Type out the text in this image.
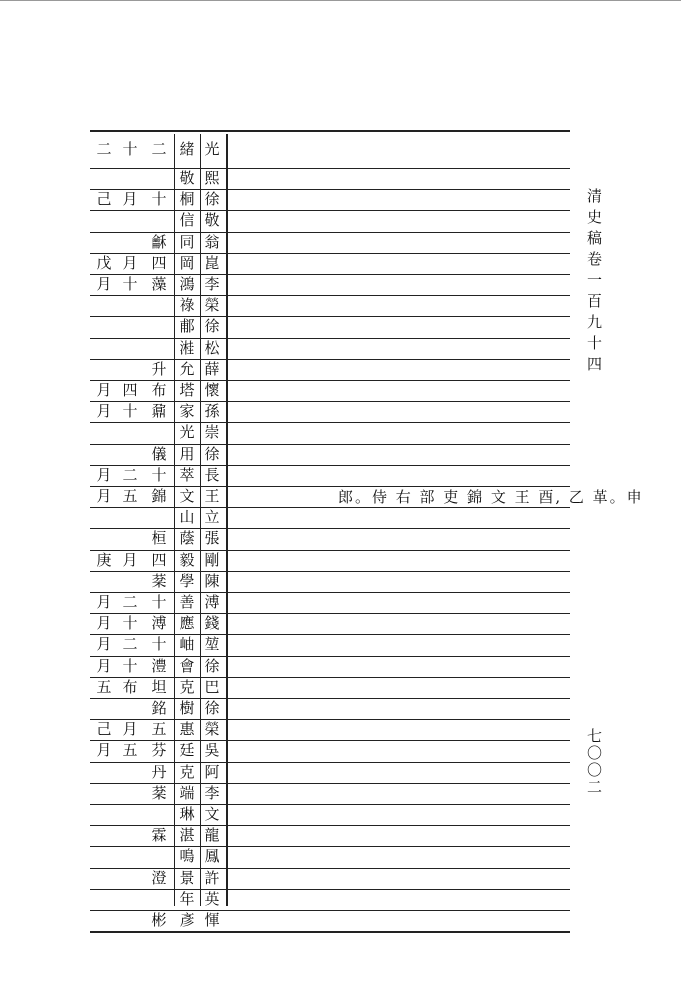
光
緒
二
十
二
熙
敬
徐
桐
十
月
己
敬
信
翁
同
龢
崑
岡
四
月
戊
李
鴻
藻
十
月
榮
祿
徐
郙
松
溎
薛
允
升
懷
塔
布
四
月
孫
家
鼐
十
月
崇
光
徐
用
儀
長
萃
十
二
月
王
文
錦
五
月	郎。侍 右 部 吏 錦 文 王 酉, 乙 革。申
立
山
張
蔭
桓
剛
毅
四
月
庚
陳
學
棻
溥
善
十
二
月
錢
應
溥
十
月
堃
岫
十
二
月
徐
會
澧
十
月
巴
克
坦
布
五
徐
樹
銘
榮
惠
五
月
己
吳
廷
芬
五
月
阿
克
丹
李
端
棻
文
琳
龍
湛
霖
鳳
鳴
許
景
澄
英
年
惲
彥
彬
清史稿卷一百九十四
七〇〇二
